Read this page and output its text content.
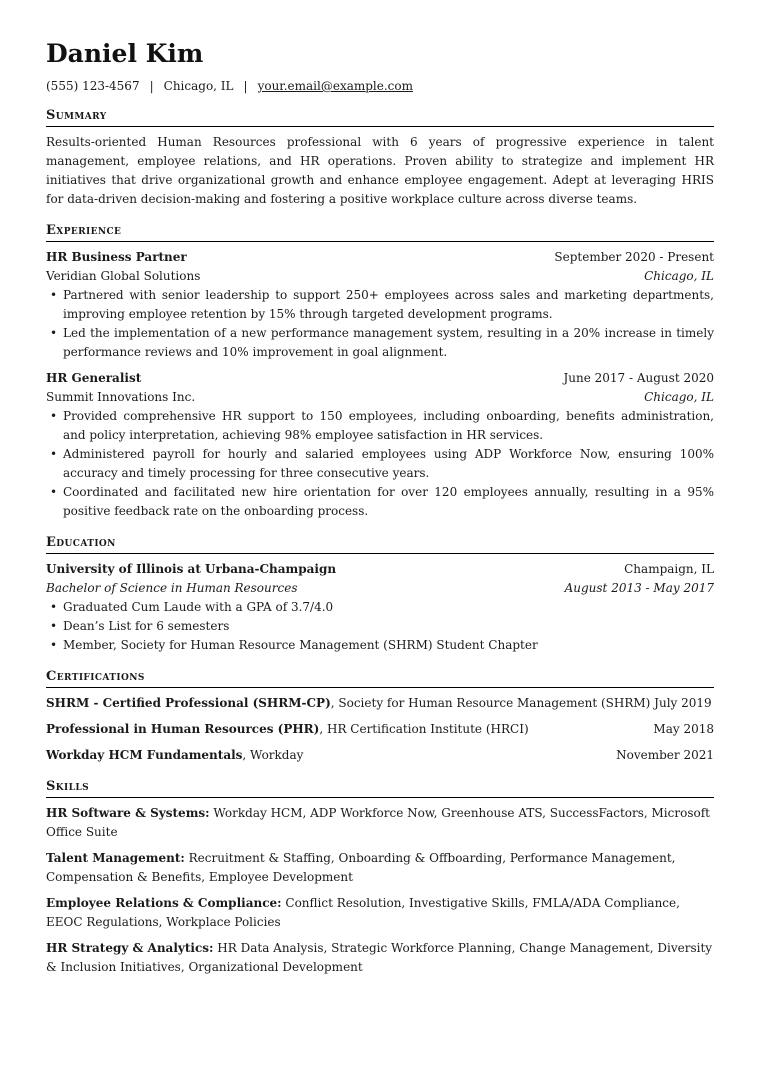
Daniel Kim
(555) 123-4567 | Chicago, IL | your.email@example.com
Summary

Results-oriented Human Resources professional with 6 years of progressive experience in talent management, employee relations, and HR operations. Proven ability to strategize and implement HR initiatives that drive organizational growth and enhance employee engagement. Adept at leveraging HRIS for data-driven decision-making and fostering a positive workplace culture across diverse teams.

Experience
HR Business Partner	September 2020 - Present
Veridian Global Solutions	Chicago, IL
• Partnered with senior leadership to support 250+ employees across sales and marketing departments, improving employee retention by 15% through targeted development programs.
• Led the implementation of a new performance management system, resulting in a 20% increase in timely performance reviews and 10% improvement in goal alignment.
HR Generalist	June 2017 - August 2020
Summit Innovations Inc.	Chicago, IL
• Provided comprehensive HR support to 150 employees, including onboarding, benefits administration, and policy interpretation, achieving 98% employee satisfaction in HR services.
• Administered payroll for hourly and salaried employees using ADP Workforce Now, ensuring 100% accuracy and timely processing for three consecutive years.
• Coordinated and facilitated new hire orientation for over 120 employees annually, resulting in a 95% positive feedback rate on the onboarding process.
Education
University of Illinois at Urbana-Champaign	Champaign, IL
Bachelor of Science in Human Resources	August 2013 - May 2017
• Graduated Cum Laude with a GPA of 3.7/4.0
• Dean’s List for 6 semesters
• Member, Society for Human Resource Management (SHRM) Student Chapter
Certifications
SHRM - Certified Professional (SHRM-CP), Society for Human Resource Management (SHRM) July 2019
Professional in Human Resources (PHR), HR Certification Institute (HRCI)	May 2018
Workday HCM Fundamentals, Workday	November 2021
Skills
HR Software & Systems: Workday HCM, ADP Workforce Now, Greenhouse ATS, SuccessFactors, Microsoft Office Suite
Talent Management: Recruitment & Staffing, Onboarding & Offboarding, Performance Management, Compensation & Benefits, Employee Development
Employee Relations & Compliance: Conflict Resolution, Investigative Skills, FMLA/ADA Compliance, EEOC Regulations, Workplace Policies
HR Strategy & Analytics: HR Data Analysis, Strategic Workforce Planning, Change Management, Diversity & Inclusion Initiatives, Organizational Development
